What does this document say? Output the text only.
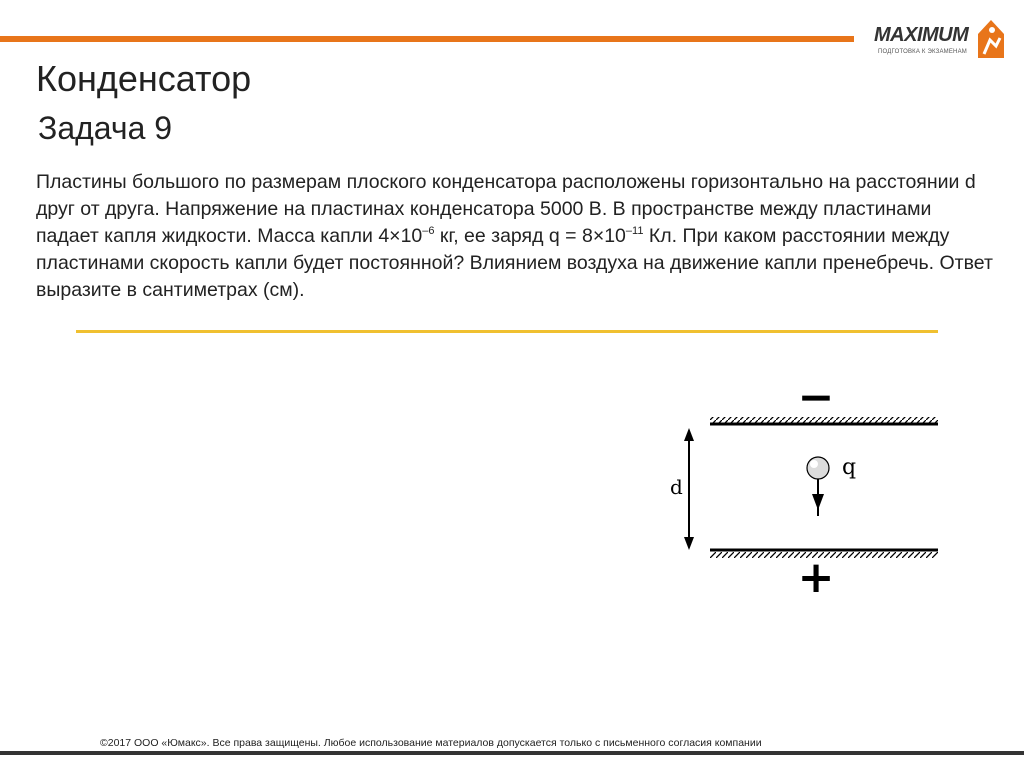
MAXIMUM
ПОДГОТОВКА К ЭКЗАМЕНАМ
Конденсатор
Задача 9

Пластины большого по размерам плоского конденсатора расположены горизонтально на расстоянии d друг от друга. Напряжение на пластинах конденсатора 5000 В. В пространстве между пластинами падает капля жидкости. Масса капли $4\times 10^{-6}$ кг, ее заряд $q = 8\times 10^{-11}$ Кл. При каком расстоянии между пластинами скорость капли будет постоянной? Влиянием воздуха на движение капли пренебречь. Ответ выразите в сантиметрах (см).

−
+
d
q
©2017 ООО «Юмакс». Все права защищены. Любое использование материалов допускается только с письменного согласия компании
